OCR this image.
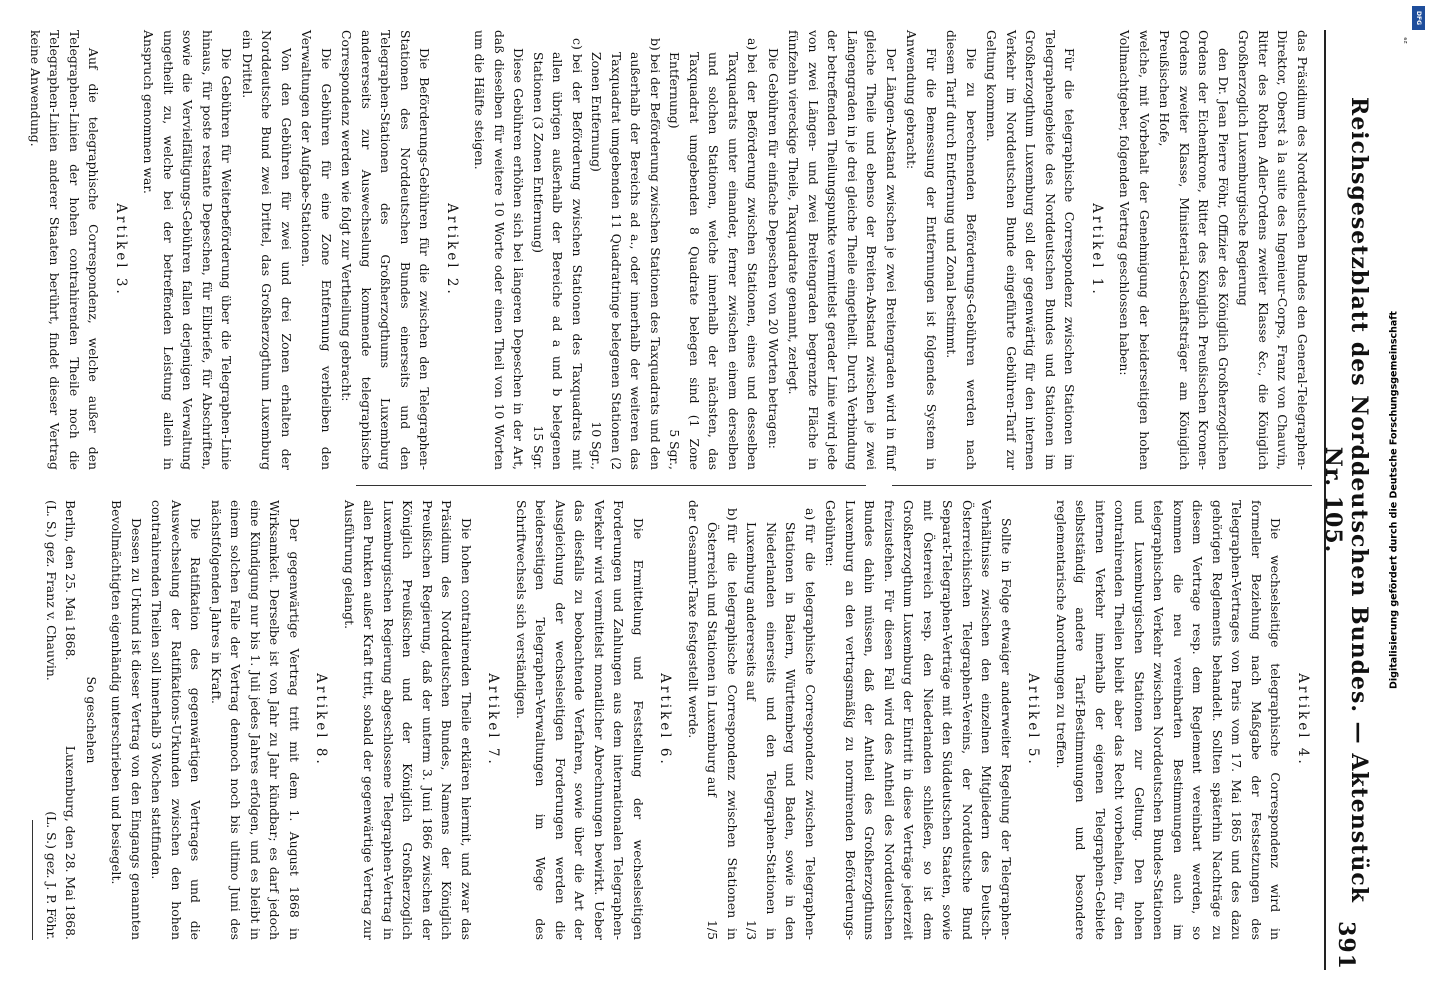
Reichsgesetzblatt des Norddeutschen Bundes. — Aktenstück Nr. 105.
391

das Präsidium des Norddeutschen Bundes den General-Telegraphen-Direktor, Oberst à la suite des Ingenieur-Corps, Franz von Chauvin, Ritter des Rothen Adler-Ordens zweiter Klasse &c., die Königlich Großherzoglich Luxemburgische Regierung

den Dr. Jean Pierre Föhr, Offizier des Königlich Großherzoglichen Ordens der Eichenkrone, Ritter des Königlich Preußischen Kronen-Ordens zweiter Klasse, Ministerial-Geschäftsträger am Königlich Preußischen Hofe,

welche, mit Vorbehalt der Genehmigung der beiderseitigen hohen Vollmachtgeber, folgenden Vertrag geschlossen haben:

Artikel 1.

Für die telegraphische Correspondenz zwischen Stationen im Telegraphengebiete des Norddeutschen Bundes und Stationen im Großherzogthum Luxemburg soll der gegenwärtig für den internen Verkehr im Norddeutschen Bunde eingeführte Gebühren-Tarif zur Geltung kommen.

Die zu berechnenden Beförderungs-Gebühren werden nach diesem Tarif durch Entfernung und Zonal bestimmt.

Für die Bemessung der Entfernungen ist folgendes System in Anwendung gebracht:

Der Längen-Abstand zwischen je zwei Breitengraden wird in fünf gleiche Theile und ebenso der Breiten-Abstand zwischen je zwei Längengraden in je drei gleiche Theile eingetheilt. Durch Verbindung der betreffenden Theilungspunkte vermittelst gerader Linie wird jede von zwei Längen- und zwei Breitengraden begrenzte Fläche in fünfzehn viereckige Theile, Taxquadrate genannt, zerlegt.

Die Gebühren für einfache Depeschen von 20 Worten betragen:

a)bei der Beförderung zwischen Stationen, eines und desselben Taxquadrats unter einander, ferner zwischen einem derselben und solchen Stationen, welche innerhalb der nächsten, das Taxquadrat umgebenden 8 Quadrate belegen sind (1 Zone Entfernung)
5 Sgr.,
b)bei der Beförderung zwischen Stationen des Taxquadrats und den außerhalb der Bereichs ad a., oder innerhalb der weiteren das Taxquadrat umgebenden 11 Quadratringe belegenen Stationen (2 Zonen Entfernung)
10 Sgr.,
c)bei der Beförderung zwischen Stationen des Taxquadrats mit allen übrigen außerhalb der Bereiche ad a und b belegenen Stationen (3 Zonen Entfernung)
15 Sgr.

Diese Gebühren erhöhen sich bei längeren Depeschen in der Art, daß dieselben für weitere 10 Worte oder einen Theil von 10 Worten um die Hälfte steigen.

Artikel 2.

Die Beförderungs-Gebühren für die zwischen den Telegraphen-Stationen des Norddeutschen Bundes einerseits und den Telegraphen-Stationen des Großherzogthums Luxemburg andererseits zur Auswechselung kommende telegraphische Correspondenz werden wie folgt zur Vertheilung gebracht:

Die Gebühren für eine Zone Entfernung verbleiben den Verwaltungen der Aufgabe-Stationen.

Von den Gebühren für zwei und drei Zonen erhalten der Norddeutsche Bund zwei Drittel, das Großherzogthum Luxemburg ein Drittel.

Die Gebühren für Weiterbeförderung über die Telegraphen-Linie hinaus, für poste restante Depeschen, für Eilbriefe, für Abschriften, sowie die Vervielfältigungs-Gebühren fallen derjenigen Verwaltung ungetheilt zu, welche bei der betreffenden Leistung allein in Anspruch genommen war.

Artikel 3.

Auf die telegraphische Correspondenz, welche außer den Telegraphen-Linien der hohen contrahirenden Theile noch die Telegraphen-Linien anderer Staaten berührt, findet dieser Vertrag keine Anwendung.

Artikel 4.

Die wechselseitige telegraphische Correspondenz wird in formeller Beziehung nach Maßgabe der Festsetzungen des Telegraphen-Vertrages von Paris vom 17. Mai 1865 und des dazu gehörigen Reglements behandelt. Sollten späterhin Nachträge zu diesem Vertrage resp. dem Reglement vereinbart werden, so kommen die neu vereinbarten Bestimmungen auch im telegraphischen Verkehr zwischen Norddeutschen Bundes-Stationen und Luxemburgischen Stationen zur Geltung. Den hohen contrahirenden Theilen bleibt aber das Recht vorbehalten, für den internen Verkehr innerhalb der eigenen Telegraphen-Gebiete selbstständig andere Tarif-Bestimmungen und besondere reglementarische Anordnungen zu treffen.

Artikel 5.

Sollte in Folge etwaiger anderweiter Regelung der Telegraphen-Verhältnisse zwischen den einzelnen Mitgliedern des Deutsch-Österreichischen Telegraphen-Vereins, der Norddeutsche Bund Separat-Telegraphen-Verträge mit den Süddeutschen Staaten, sowie mit Österreich resp. den Niederlanden schließen, so ist dem Großherzogthum Luxemburg der Eintritt in diese Verträge jederzeit freizustehen. Für diesen Fall wird des Antheil des Norddeutschen Bundes dahin müssen, daß der Antheil des Großherzogthums Luxemburg an den vertragsmäßig zu normirenden Beförderungs-Gebühren:

a)für die telegraphische Correspondenz zwischen Telegraphen-Stationen in Baiern, Württemberg und Baden, sowie in den Niederlanden einerseits und den Telegraphen-Stationen in Luxemburg andererseits auf
1/3
b)für die telegraphische Correspondenz zwischen Stationen in Österreich und Stationen in Luxemburg auf
1/5

der Gesammt-Taxe festgestellt werde.

Artikel 6.

Die Ermittelung und Feststellung der wechselseitigen Forderungen und Zahlungen aus dem internationalen Telegraphen-Verkehr wird vermittelst monatlicher Abrechnungen bewirkt. Ueber das diesfalls zu beobachtende Verfahren, sowie über die Art der Ausgleichung der wechselseitigen Forderungen werden die beiderseitigen Telegraphen-Verwaltungen im Wege des Schriftwechsels sich verständigen.

Artikel 7.

Die hohen contrahirenden Theile erklären hiermit, und zwar das Präsidium des Norddeutschen Bundes, Namens der Königlich Preußischen Regierung, daß der unterm 3. Juni 1866 zwischen der Königlich Preußischen und der Königlich Großherzoglich Luxemburgischen Regierung abgeschlossene Telegraphen-Vertrag in allen Punkten außer Kraft tritt, sobald der gegenwärtige Vertrag zur Ausführung gelangt.

Artikel 8.

Der gegenwärtige Vertrag tritt mit dem 1. August 1868 in Wirksamkeit. Derselbe ist von Jahr zu Jahr kündbar; es darf jedoch eine Kündigung nur bis 1. Juli jedes Jahres erfolgen, und es bleibt in einem solchen Falle der Vertrag dennoch noch bis ultimo Juni des nächstfolgenden Jahres in Kraft.

Die Ratifikation des gegenwärtigen Vertrages und die Auswechselung der Ratifikations-Urkunden zwischen den hohen contrahirenden Theilen soll innerhalb 3 Wochen stattfinden.

Dessen zu Urkund ist dieser Vertrag von den Eingangs genannten Bevollmächtigten eigenhändig unterschrieben und besiegelt.

So geschehen

Berlin, den 25. Mai 1868.
Luxemburg, den 28. Mai 1868.
(L. S.) gez. Franz v. Chauvin.
(L. S.) gez. J. P. Föhr.
Digitalisierung gefördert durch die Deutsche Forschungsgemeinschaft
DFG
²⁹
